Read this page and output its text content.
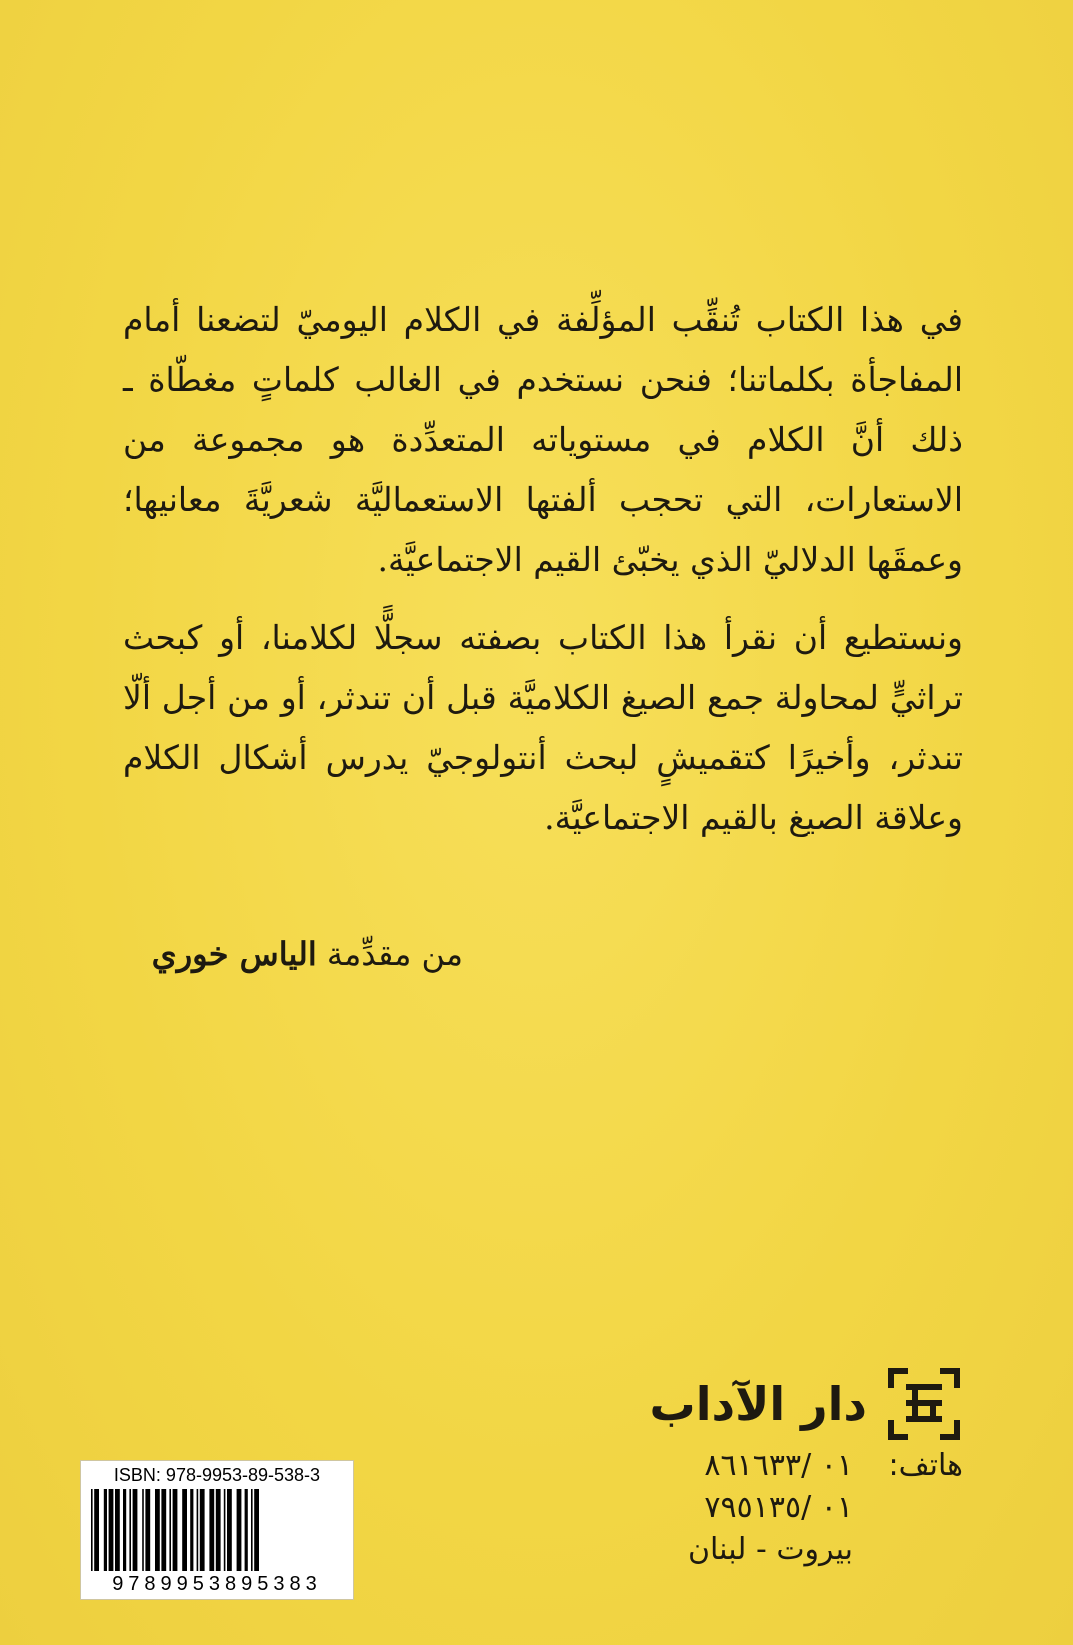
في هذا الكتاب تُنقِّب المؤلِّفة في الكلام اليوميّ لتضعنا أمام المفاجأة بكلماتنا؛ فنحن نستخدم في الغالب كلماتٍ مغطّاة ـ ذلك أنَّ الكلام في مستوياته المتعدِّدة هو مجموعة من الاستعارات، التي تحجب ألفتها الاستعماليَّة شعريَّةَ معانيها؛ وعمقَها الدلاليّ الذي يخبّئ القيم الاجتماعيَّة.

ونستطيع أن نقرأ هذا الكتاب بصفته سجلًّا لكلامنا، أو كبحث تراثيٍّ لمحاولة جمع الصيغ الكلاميَّة قبل أن تندثر، أو من أجل ألّا تندثر، وأخيرًا كتقميشٍ لبحث أنتولوجيّ يدرس أشكال الكلام وعلاقة الصيغ بالقيم الاجتماعيَّة.

من مقدِّمة الياس خوري
دار الآداب
هاتف:
٠١ /٨٦١٦٣٣
٠١ /٧٩٥١٣٥
بيروت - لبنان
ISBN: 978-9953-89-538-3
9789953895383
